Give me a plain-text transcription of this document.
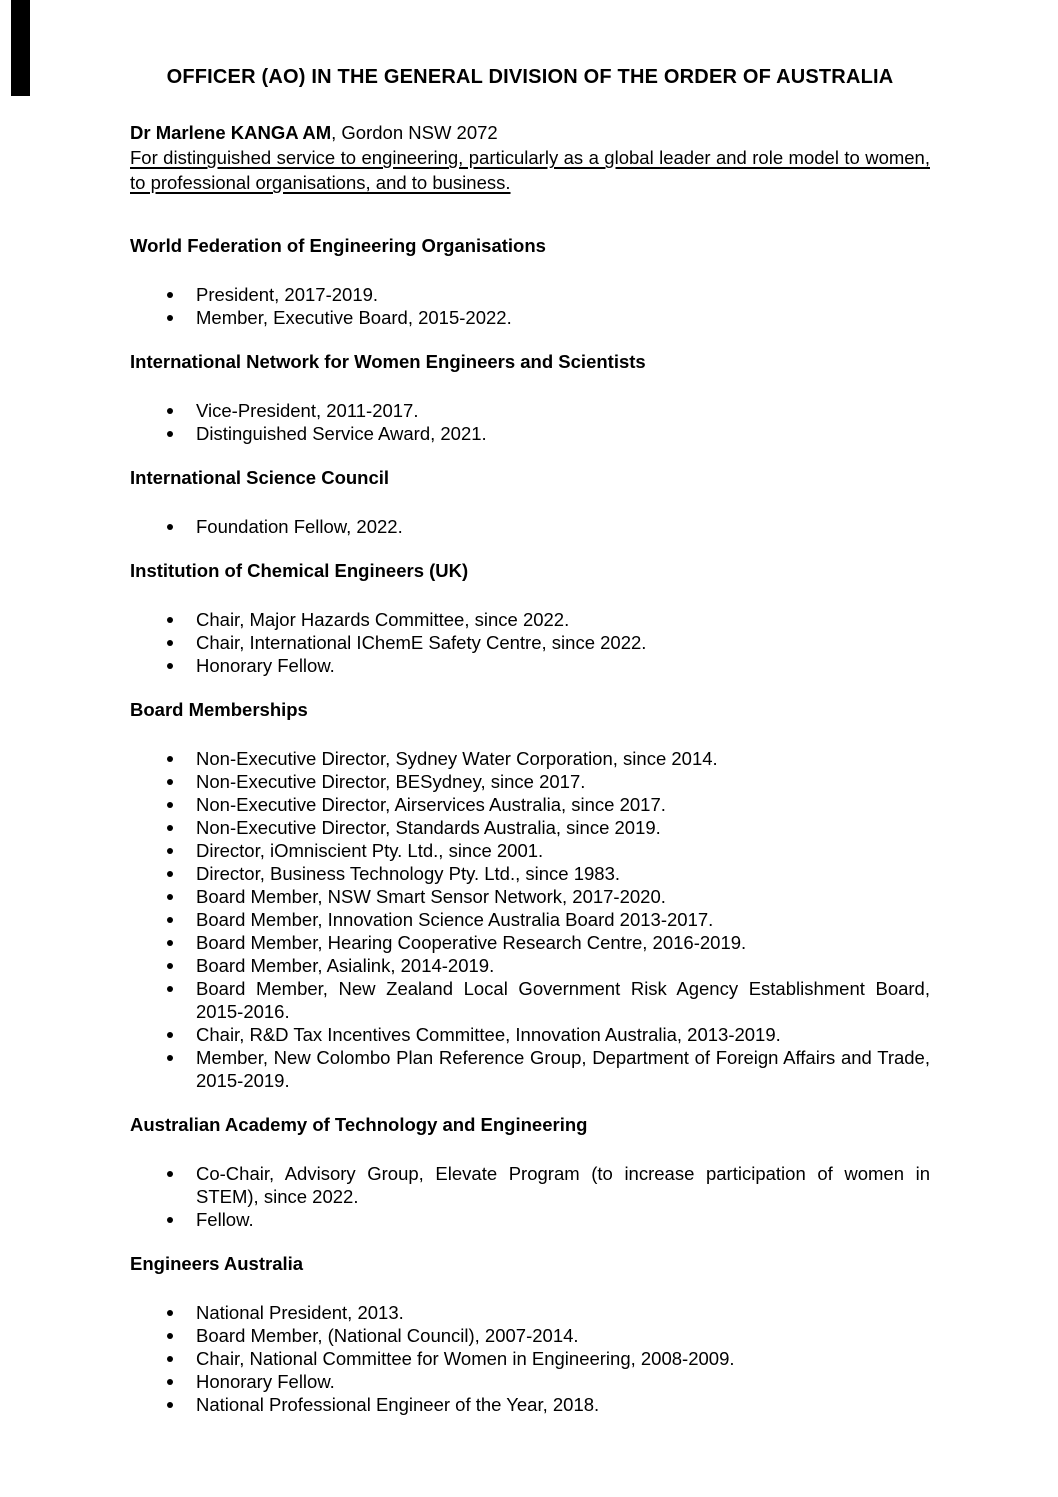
OFFICER (AO) IN THE GENERAL DIVISION OF THE ORDER OF AUSTRALIA

Dr Marlene KANGA AM, Gordon NSW 2072

For distinguished service to engineering, particularly as a global leader and role model to women, to professional organisations, and to business.

World Federation of Engineering Organisations
President, 2017-2019.
Member, Executive Board, 2015-2022.
International Network for Women Engineers and Scientists
Vice-President, 2011-2017.
Distinguished Service Award, 2021.
International Science Council
Foundation Fellow, 2022.
Institution of Chemical Engineers (UK)
Chair, Major Hazards Committee, since 2022.
Chair, International IChemE Safety Centre, since 2022.
Honorary Fellow.
Board Memberships
Non-Executive Director, Sydney Water Corporation, since 2014.
Non-Executive Director, BESydney, since 2017.
Non-Executive Director, Airservices Australia, since 2017.
Non-Executive Director, Standards Australia, since 2019.
Director, iOmniscient Pty. Ltd., since 2001.
Director, Business Technology Pty. Ltd., since 1983.
Board Member, NSW Smart Sensor Network, 2017-2020.
Board Member, Innovation Science Australia Board 2013-2017.
Board Member, Hearing Cooperative Research Centre, 2016-2019.
Board Member, Asialink, 2014-2019.
Board Member, New Zealand Local Government Risk Agency Establishment Board, 2015-2016.
Chair, R&D Tax Incentives Committee, Innovation Australia, 2013-2019.
Member, New Colombo Plan Reference Group, Department of Foreign Affairs and Trade, 2015-2019.
Australian Academy of Technology and Engineering
Co-Chair, Advisory Group, Elevate Program (to increase participation of women in STEM), since 2022.
Fellow.
Engineers Australia
National President, 2013.
Board Member, (National Council), 2007-2014.
Chair, National Committee for Women in Engineering, 2008-2009.
Honorary Fellow.
National Professional Engineer of the Year, 2018.
